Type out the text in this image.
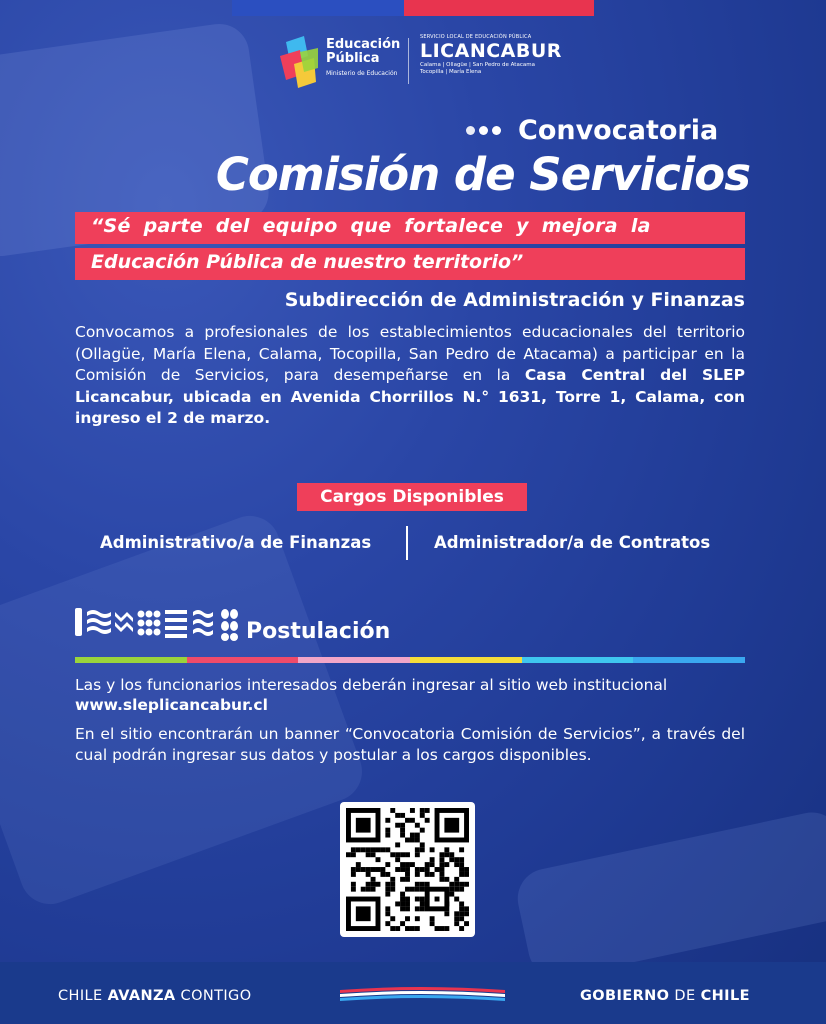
Educación
Pública
Ministerio de Educación
SERVICIO LOCAL DE EDUCACIÓN PÚBLICA
LICANCABUR
Calama | Ollagüe | San Pedro de Atacama Tocopilla | María Elena
Convocatoria
Comisión de Servicios
“Sé parte del equipo que fortalece y mejora la
Educación Pública de nuestro territorio”
Subdirección de Administración y Finanzas
Convocamos a profesionales de los establecimientos educacionales del territorio (Ollagüe, María Elena, Calama, Tocopilla, San Pedro de Atacama) a participar en la Comisión de Servicios, para desempeñarse en la Casa Central del SLEP Licancabur, ubicada en Avenida Chorrillos N.° 1631, Torre 1, Calama, con ingreso el 2 de marzo.
Cargos Disponibles
Administrativo/a de Finanzas	Administrador/a de Contratos
Postulación
Las y los funcionarios interesados deberán ingresar al sitio web institucional
www.sleplicancabur.cl
En el sitio encontrarán un banner “Convocatoria Comisión de Servicios”, a través del cual podrán ingresar sus datos y postular a los cargos disponibles.
CHILE AVANZA CONTIGO	GOBIERNO DE CHILE
